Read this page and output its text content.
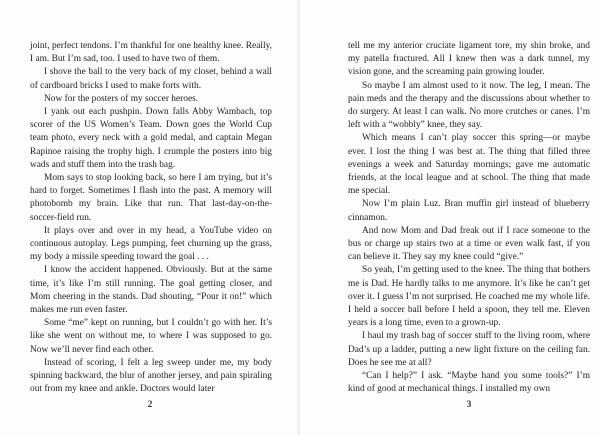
joint, perfect tendons. I’m thankful for one healthy knee. Really, I am. But I’m sad, too. I used to have two of them.

I shove the ball to the very back of my closet, behind a wall of cardboard bricks I used to make forts with.

Now for the posters of my soccer heroes.

I yank out each pushpin. Down falls Abby Wambach, top scorer of the US Women’s Team. Down goes the World Cup team photo, every neck with a gold medal, and captain Megan Rapinoe raising the trophy high. I crumple the posters into big wads and stuff them into the trash bag.

Mom says to stop looking back, so here I am trying, but it’s hard to forget. Sometimes I flash into the past. A memory will photobomb my brain. Like that run. That last-day-on-the-soccer-field run.

It plays over and over in my head, a YouTube video on continuous autoplay. Legs pumping, feet churning up the grass, my body a missile speeding toward the goal . . .

I know the accident happened. Obviously. But at the same time, it’s like I’m still running. The goal getting closer, and Mom cheering in the stands. Dad shouting, “Pour it on!” which makes me run even faster.

Some “me” kept on running, but I couldn’t go with her. It’s like she went on without me, to where I was supposed to go. Now we’ll never find each other.

Instead of scoring, I felt a leg sweep under me, my body spinning backward, the blur of another jersey, and pain spiraling out from my knee and ankle. Doctors would later

2

tell me my anterior cruciate ligament tore, my shin broke, and my patella fractured. All I knew then was a dark tunnel, my vision gone, and the screaming pain growing louder.

So maybe I am almost used to it now. The leg, I mean. The pain meds and the therapy and the discussions about whether to do surgery. At least I can walk. No more crutches or canes. I’m left with a “wobbly” knee, they say.

Which means I can’t play soccer this spring—or maybe ever. I lost the thing I was best at. The thing that filled three evenings a week and Saturday mornings; gave me automatic friends, at the local league and at school. The thing that made me special.

Now I’m plain Luz. Bran muffin girl instead of blueberry cinnamon.

And now Mom and Dad freak out if I race someone to the bus or charge up stairs two at a time or even walk fast, if you can believe it. They say my knee could “give.”

So yeah, I’m getting used to the knee. The thing that bothers me is Dad. He hardly talks to me anymore. It’s like he can’t get over it. I guess I’m not surprised. He coached me my whole life. I held a soccer ball before I held a spoon, they tell me. Eleven years is a long time, even to a grown-up.

I haul my trash bag of soccer stuff to the living room, where Dad’s up a ladder, putting a new light fixture on the ceiling fan. Does he see me at all?

“Can I help?” I ask. “Maybe hand you some tools?” I’m kind of good at mechanical things. I installed my own

3
